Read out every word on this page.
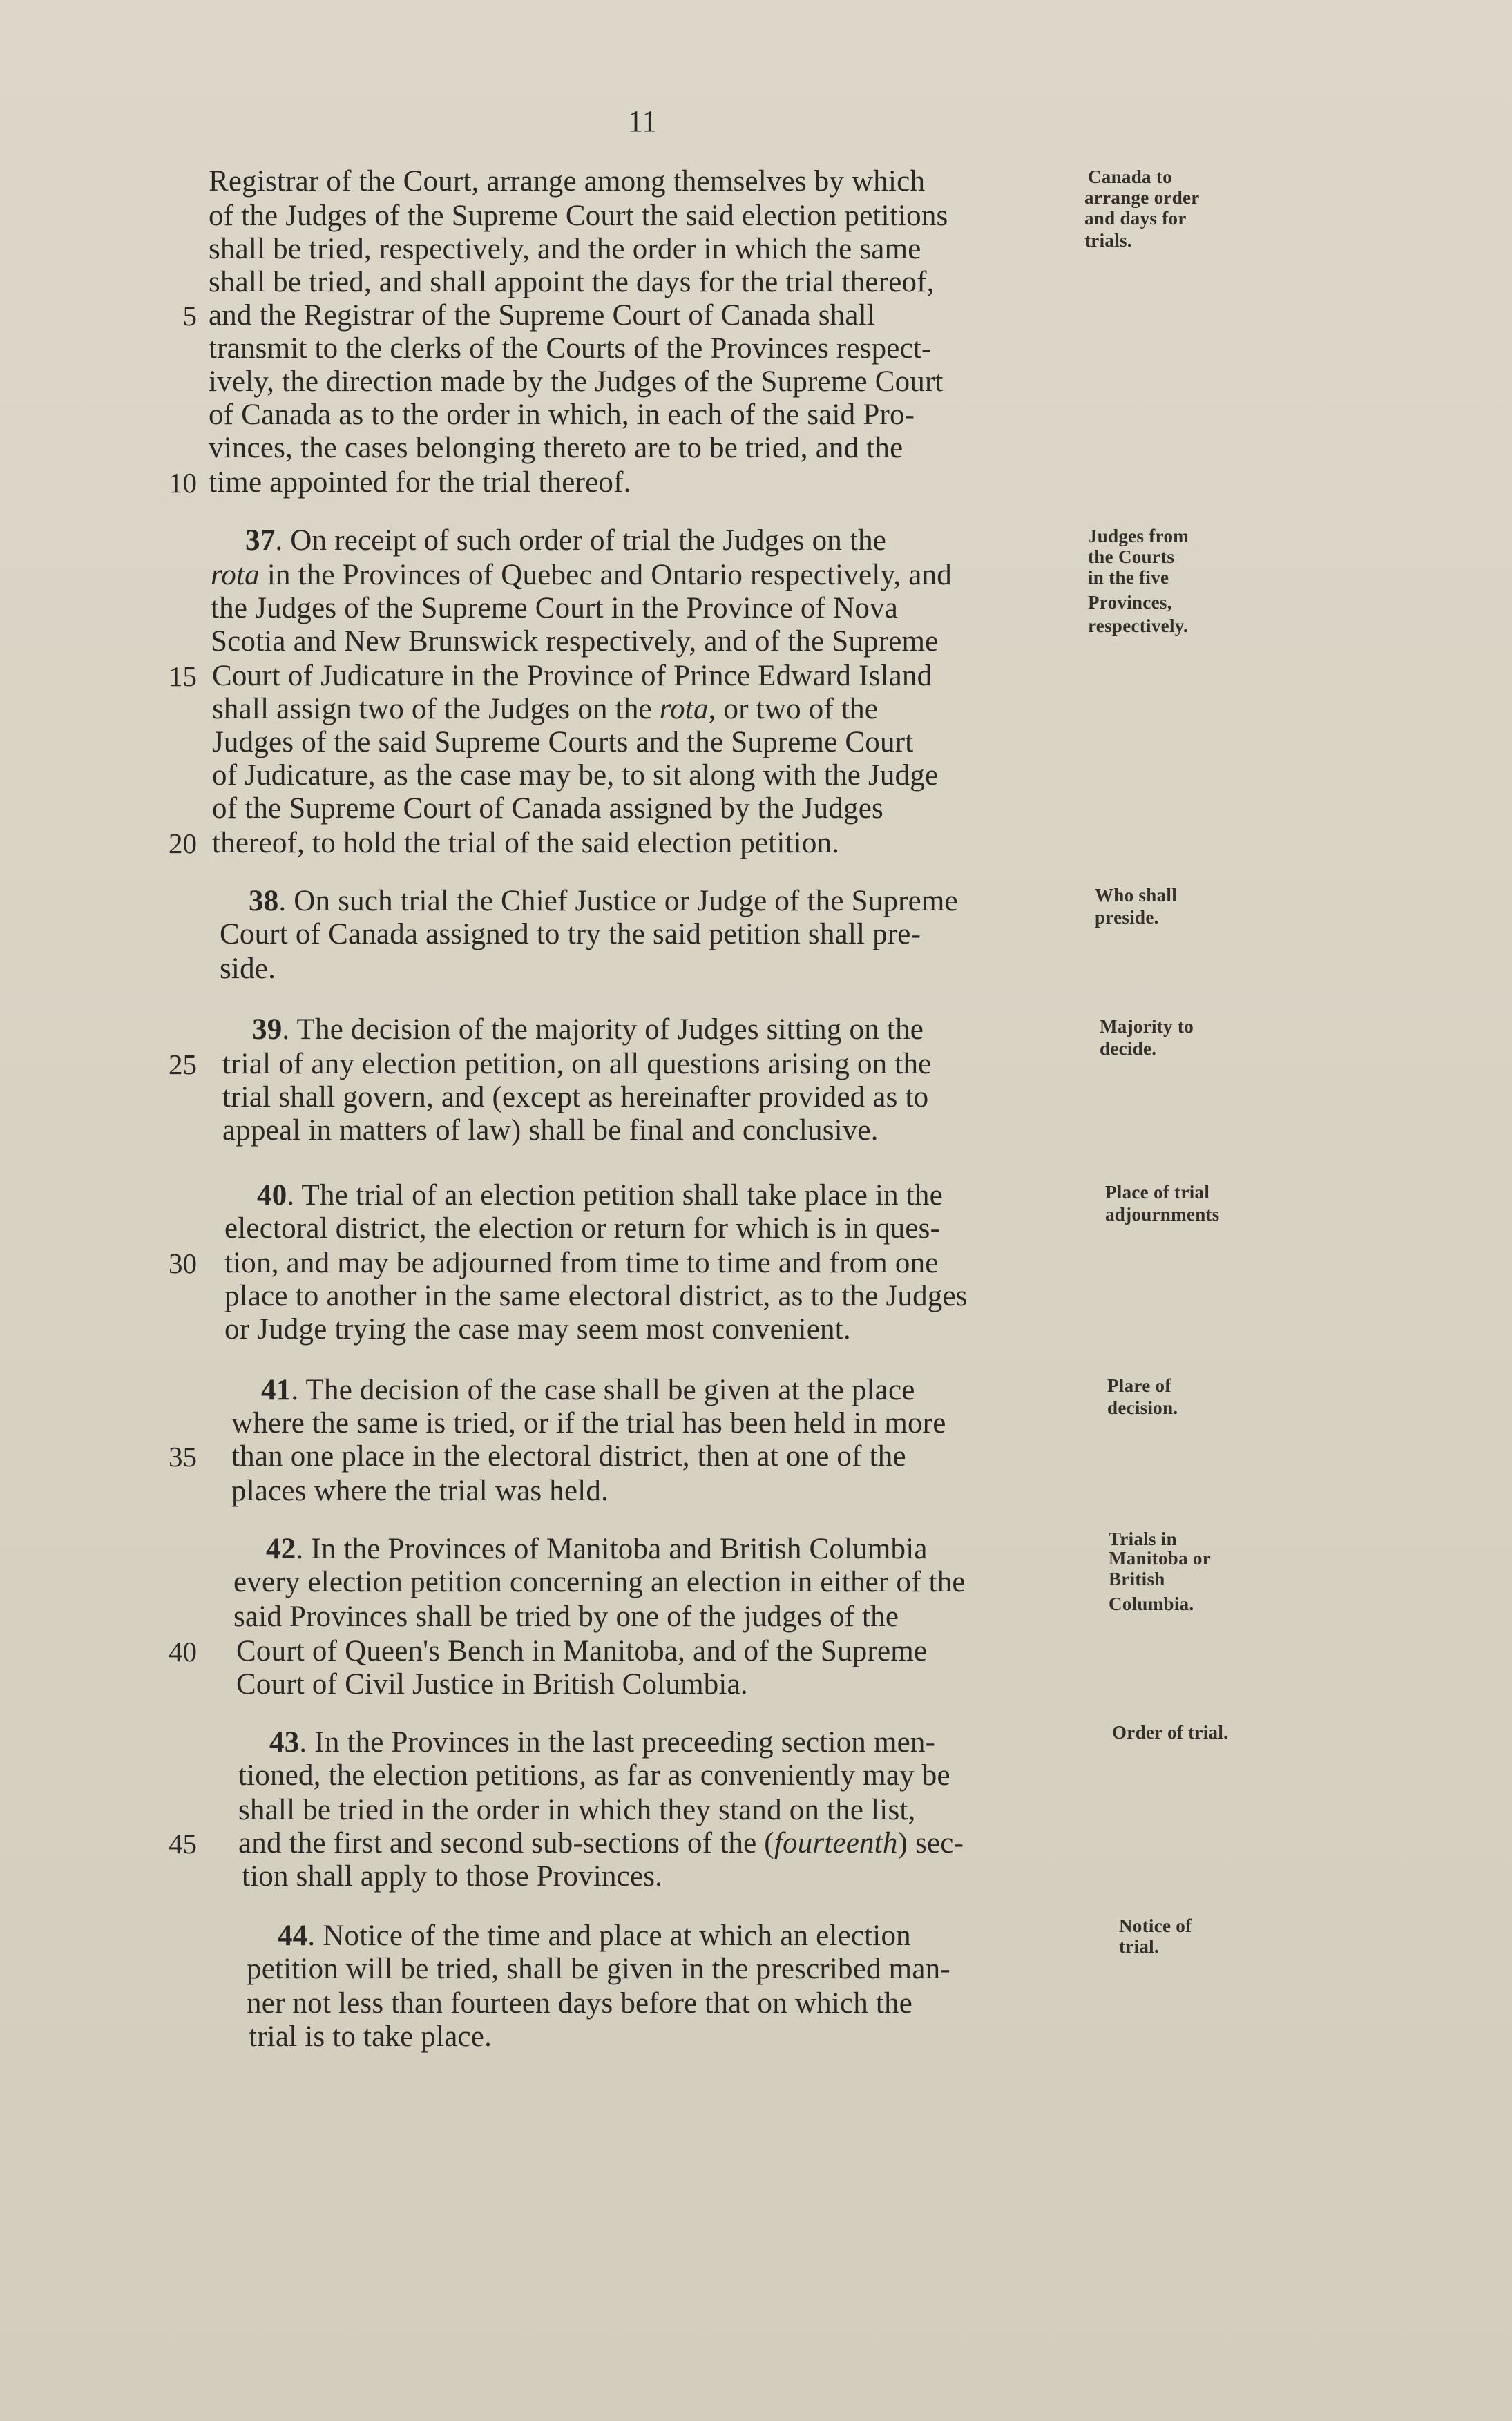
11
Registrar of the Court, arrange among themselves by which
of the Judges of the Supreme Court the said election petitions
shall be tried, respectively, and the order in which the same
shall be tried, and shall appoint the days for the trial thereof,
5 and the Registrar of the Supreme Court of Canada shall
transmit to the clerks of the Courts of the Provinces respect-
ively, the direction made by the Judges of the Supreme Court
of Canada as to the order in which, in each of the said Pro-
vinces, the cases belonging thereto are to be tried, and the
10 time appointed for the trial thereof.
Canada to
arrange order
and days for
trials.
37. On receipt of such order of trial the Judges on the
rota in the Provinces of Quebec and Ontario respectively, and
the Judges of the Supreme Court in the Province of Nova
Scotia and New Brunswick respectively, and of the Supreme
15 Court of Judicature in the Province of Prince Edward Island
shall assign two of the Judges on the rota, or two of the
Judges of the said Supreme Courts and the Supreme Court
of Judicature, as the case may be, to sit along with the Judge
of the Supreme Court of Canada assigned by the Judges
20 thereof, to hold the trial of the said election petition.
Judges from
the Courts
in the five
Provinces,
respectively.
38. On such trial the Chief Justice or Judge of the Supreme
Court of Canada assigned to try the said petition shall pre-
side.
Who shall
preside.
39. The decision of the majority of Judges sitting on the
25 trial of any election petition, on all questions arising on the
trial shall govern, and (except as hereinafter provided as to
appeal in matters of law) shall be final and conclusive.
Majority to
decide.
40. The trial of an election petition shall take place in the
electoral district, the election or return for which is in ques-
30 tion, and may be adjourned from time to time and from one
place to another in the same electoral district, as to the Judges
or Judge trying the case may seem most convenient.
Place of trial
adjournments
41. The decision of the case shall be given at the place
where the same is tried, or if the trial has been held in more
35 than one place in the electoral district, then at one of the
places where the trial was held.
Plare of
decision.
42. In the Provinces of Manitoba and British Columbia
every election petition concerning an election in either of the
said Provinces shall be tried by one of the judges of the
40 Court of Queen's Bench in Manitoba, and of the Supreme
Court of Civil Justice in British Columbia.
Trials in
Manitoba or
British
Columbia.
43. In the Provinces in the last preceeding section men-
tioned, the election petitions, as far as conveniently may be
shall be tried in the order in which they stand on the list,
45 and the first and second sub-sections of the (fourteenth) sec-
tion shall apply to those Provinces.
Order of trial.
44. Notice of the time and place at which an election
petition will be tried, shall be given in the prescribed man-
ner not less than fourteen days before that on which the
trial is to take place.
Notice of
trial.
